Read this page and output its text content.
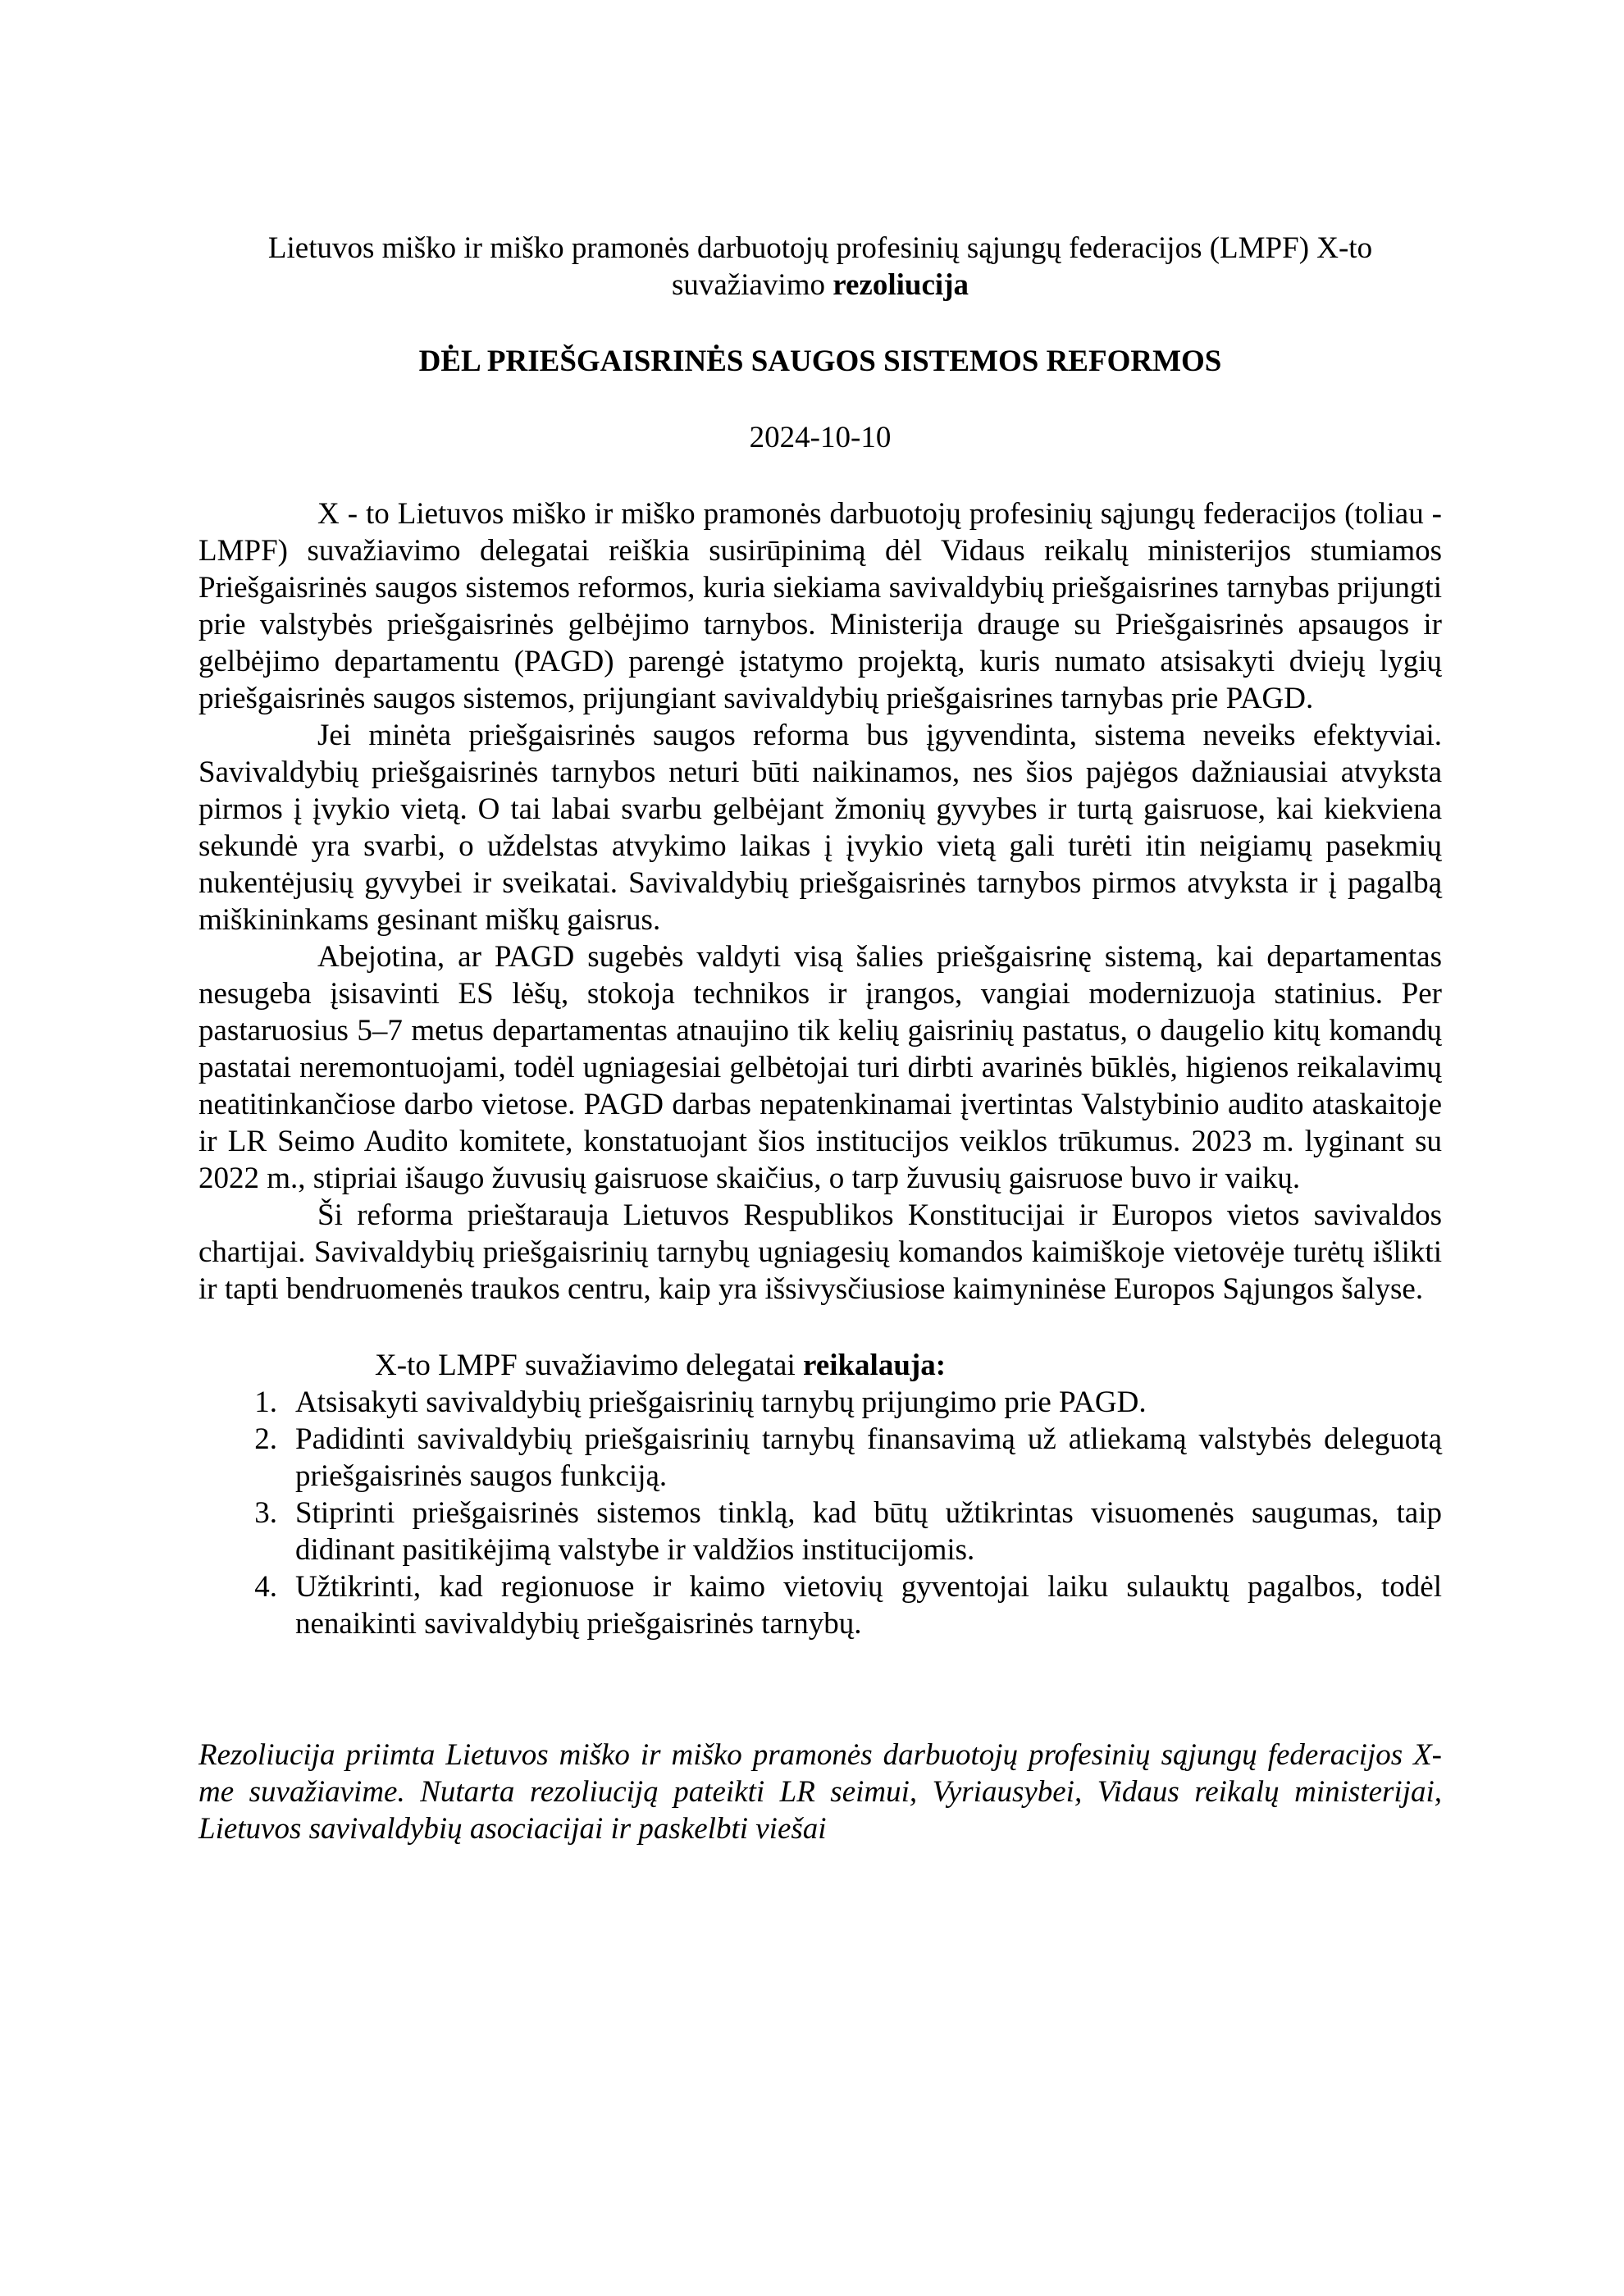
Lietuvos miško ir miško pramonės darbuotojų profesinių sąjungų federacijos (LMPF) X-to

suvažiavimo rezoliucija

DĖL PRIEŠGAISRINĖS SAUGOS SISTEMOS REFORMOS

2024-10-10

X - to Lietuvos miško ir miško pramonės darbuotojų profesinių sąjungų federacijos (toliau - LMPF) suvažiavimo delegatai reiškia susirūpinimą dėl Vidaus reikalų ministerijos stumiamos Priešgaisrinės saugos sistemos reformos, kuria siekiama savivaldybių priešgaisrines tarnybas prijungti prie valstybės priešgaisrinės gelbėjimo tarnybos. Ministerija drauge su Priešgaisrinės apsaugos ir gelbėjimo departamentu (PAGD) parengė įstatymo projektą, kuris numato atsisakyti dviejų lygių priešgaisrinės saugos sistemos, prijungiant savivaldybių priešgaisrines tarnybas prie PAGD.

Jei minėta priešgaisrinės saugos reforma bus įgyvendinta, sistema neveiks efektyviai. Savivaldybių priešgaisrinės tarnybos neturi būti naikinamos, nes šios pajėgos dažniausiai atvyksta pirmos į įvykio vietą. O tai labai svarbu gelbėjant žmonių gyvybes ir turtą gaisruose, kai kiekviena sekundė yra svarbi, o uždelstas atvykimo laikas į įvykio vietą gali turėti itin neigiamų pasekmių nukentėjusių gyvybei ir sveikatai. Savivaldybių priešgaisrinės tarnybos pirmos atvyksta ir į pagalbą miškininkams gesinant miškų gaisrus.

Abejotina, ar PAGD sugebės valdyti visą šalies priešgaisrinę sistemą, kai departamentas nesugeba įsisavinti ES lėšų, stokoja technikos ir įrangos, vangiai modernizuoja statinius. Per pastaruosius 5–7 metus departamentas atnaujino tik kelių gaisrinių pastatus, o daugelio kitų komandų pastatai neremontuojami, todėl ugniagesiai gelbėtojai turi dirbti avarinės būklės, higienos reikalavimų neatitinkančiose darbo vietose. PAGD darbas nepatenkinamai įvertintas Valstybinio audito ataskaitoje ir LR Seimo Audito komitete, konstatuojant šios institucijos veiklos trūkumus. 2023 m. lyginant su 2022 m., stipriai išaugo žuvusių gaisruose skaičius, o tarp žuvusių gaisruose buvo ir vaikų.

Ši reforma prieštarauja Lietuvos Respublikos Konstitucijai ir Europos vietos savivaldos chartijai. Savivaldybių priešgaisrinių tarnybų ugniagesių komandos kaimiškoje vietovėje turėtų išlikti ir tapti bendruomenės traukos centru, kaip yra išsivysčiusiose kaimyninėse Europos Sąjungos šalyse.

X-to LMPF suvažiavimo delegatai reikalauja:

1. Atsisakyti savivaldybių priešgaisrinių tarnybų prijungimo prie PAGD.
2. Padidinti savivaldybių priešgaisrinių tarnybų finansavimą už atliekamą valstybės deleguotą priešgaisrinės saugos funkciją.
3. Stiprinti priešgaisrinės sistemos tinklą, kad būtų užtikrintas visuomenės saugumas, taip didinant pasitikėjimą valstybe ir valdžios institucijomis.
4. Užtikrinti, kad regionuose ir kaimo vietovių gyventojai laiku sulauktų pagalbos, todėl nenaikinti savivaldybių priešgaisrinės tarnybų.

Rezoliucija priimta Lietuvos miško ir miško pramonės darbuotojų profesinių sąjungų federacijos X-me suvažiavime. Nutarta rezoliuciją pateikti LR seimui, Vyriausybei, Vidaus reikalų ministerijai, Lietuvos savivaldybių asociacijai ir paskelbti viešai
